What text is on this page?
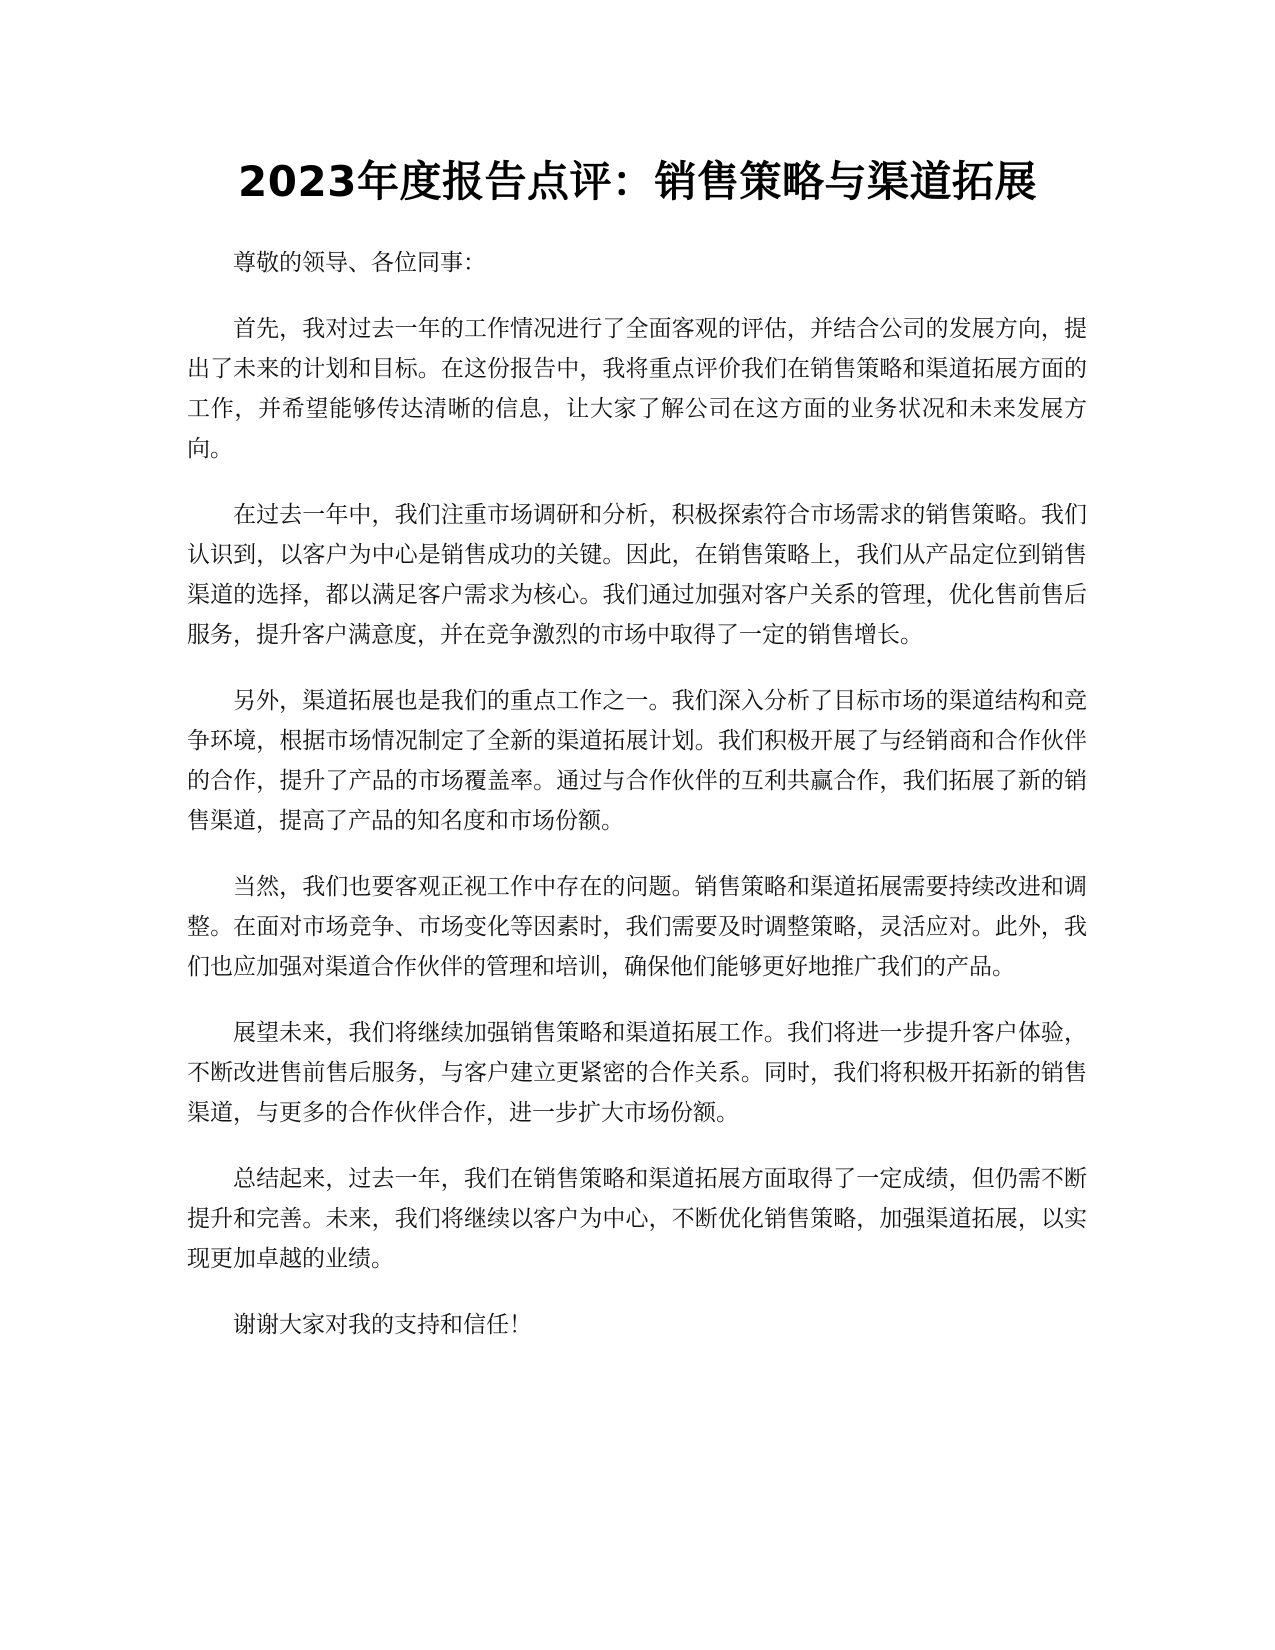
2023年度报告点评：销售策略与渠道拓展

尊敬的领导、各位同事：

首先，我对过去一年的工作情况进行了全面客观的评估，并结合公司的发展方向，提出了未来的计划和目标。在这份报告中，我将重点评价我们在销售策略和渠道拓展方面的工作，并希望能够传达清晰的信息，让大家了解公司在这方面的业务状况和未来发展方向。

在过去一年中，我们注重市场调研和分析，积极探索符合市场需求的销售策略。我们认识到，以客户为中心是销售成功的关键。因此，在销售策略上，我们从产品定位到销售渠道的选择，都以满足客户需求为核心。我们通过加强对客户关系的管理，优化售前售后服务，提升客户满意度，并在竞争激烈的市场中取得了一定的销售增长。

另外，渠道拓展也是我们的重点工作之一。我们深入分析了目标市场的渠道结构和竞争环境，根据市场情况制定了全新的渠道拓展计划。我们积极开展了与经销商和合作伙伴的合作，提升了产品的市场覆盖率。通过与合作伙伴的互利共赢合作，我们拓展了新的销售渠道，提高了产品的知名度和市场份额。

当然，我们也要客观正视工作中存在的问题。销售策略和渠道拓展需要持续改进和调整。在面对市场竞争、市场变化等因素时，我们需要及时调整策略，灵活应对。此外，我们也应加强对渠道合作伙伴的管理和培训，确保他们能够更好地推广我们的产品。

展望未来，我们将继续加强销售策略和渠道拓展工作。我们将进一步提升客户体验，不断改进售前售后服务，与客户建立更紧密的合作关系。同时，我们将积极开拓新的销售渠道，与更多的合作伙伴合作，进一步扩大市场份额。

总结起来，过去一年，我们在销售策略和渠道拓展方面取得了一定成绩，但仍需不断提升和完善。未来，我们将继续以客户为中心，不断优化销售策略，加强渠道拓展，以实现更加卓越的业绩。

谢谢大家对我的支持和信任！
